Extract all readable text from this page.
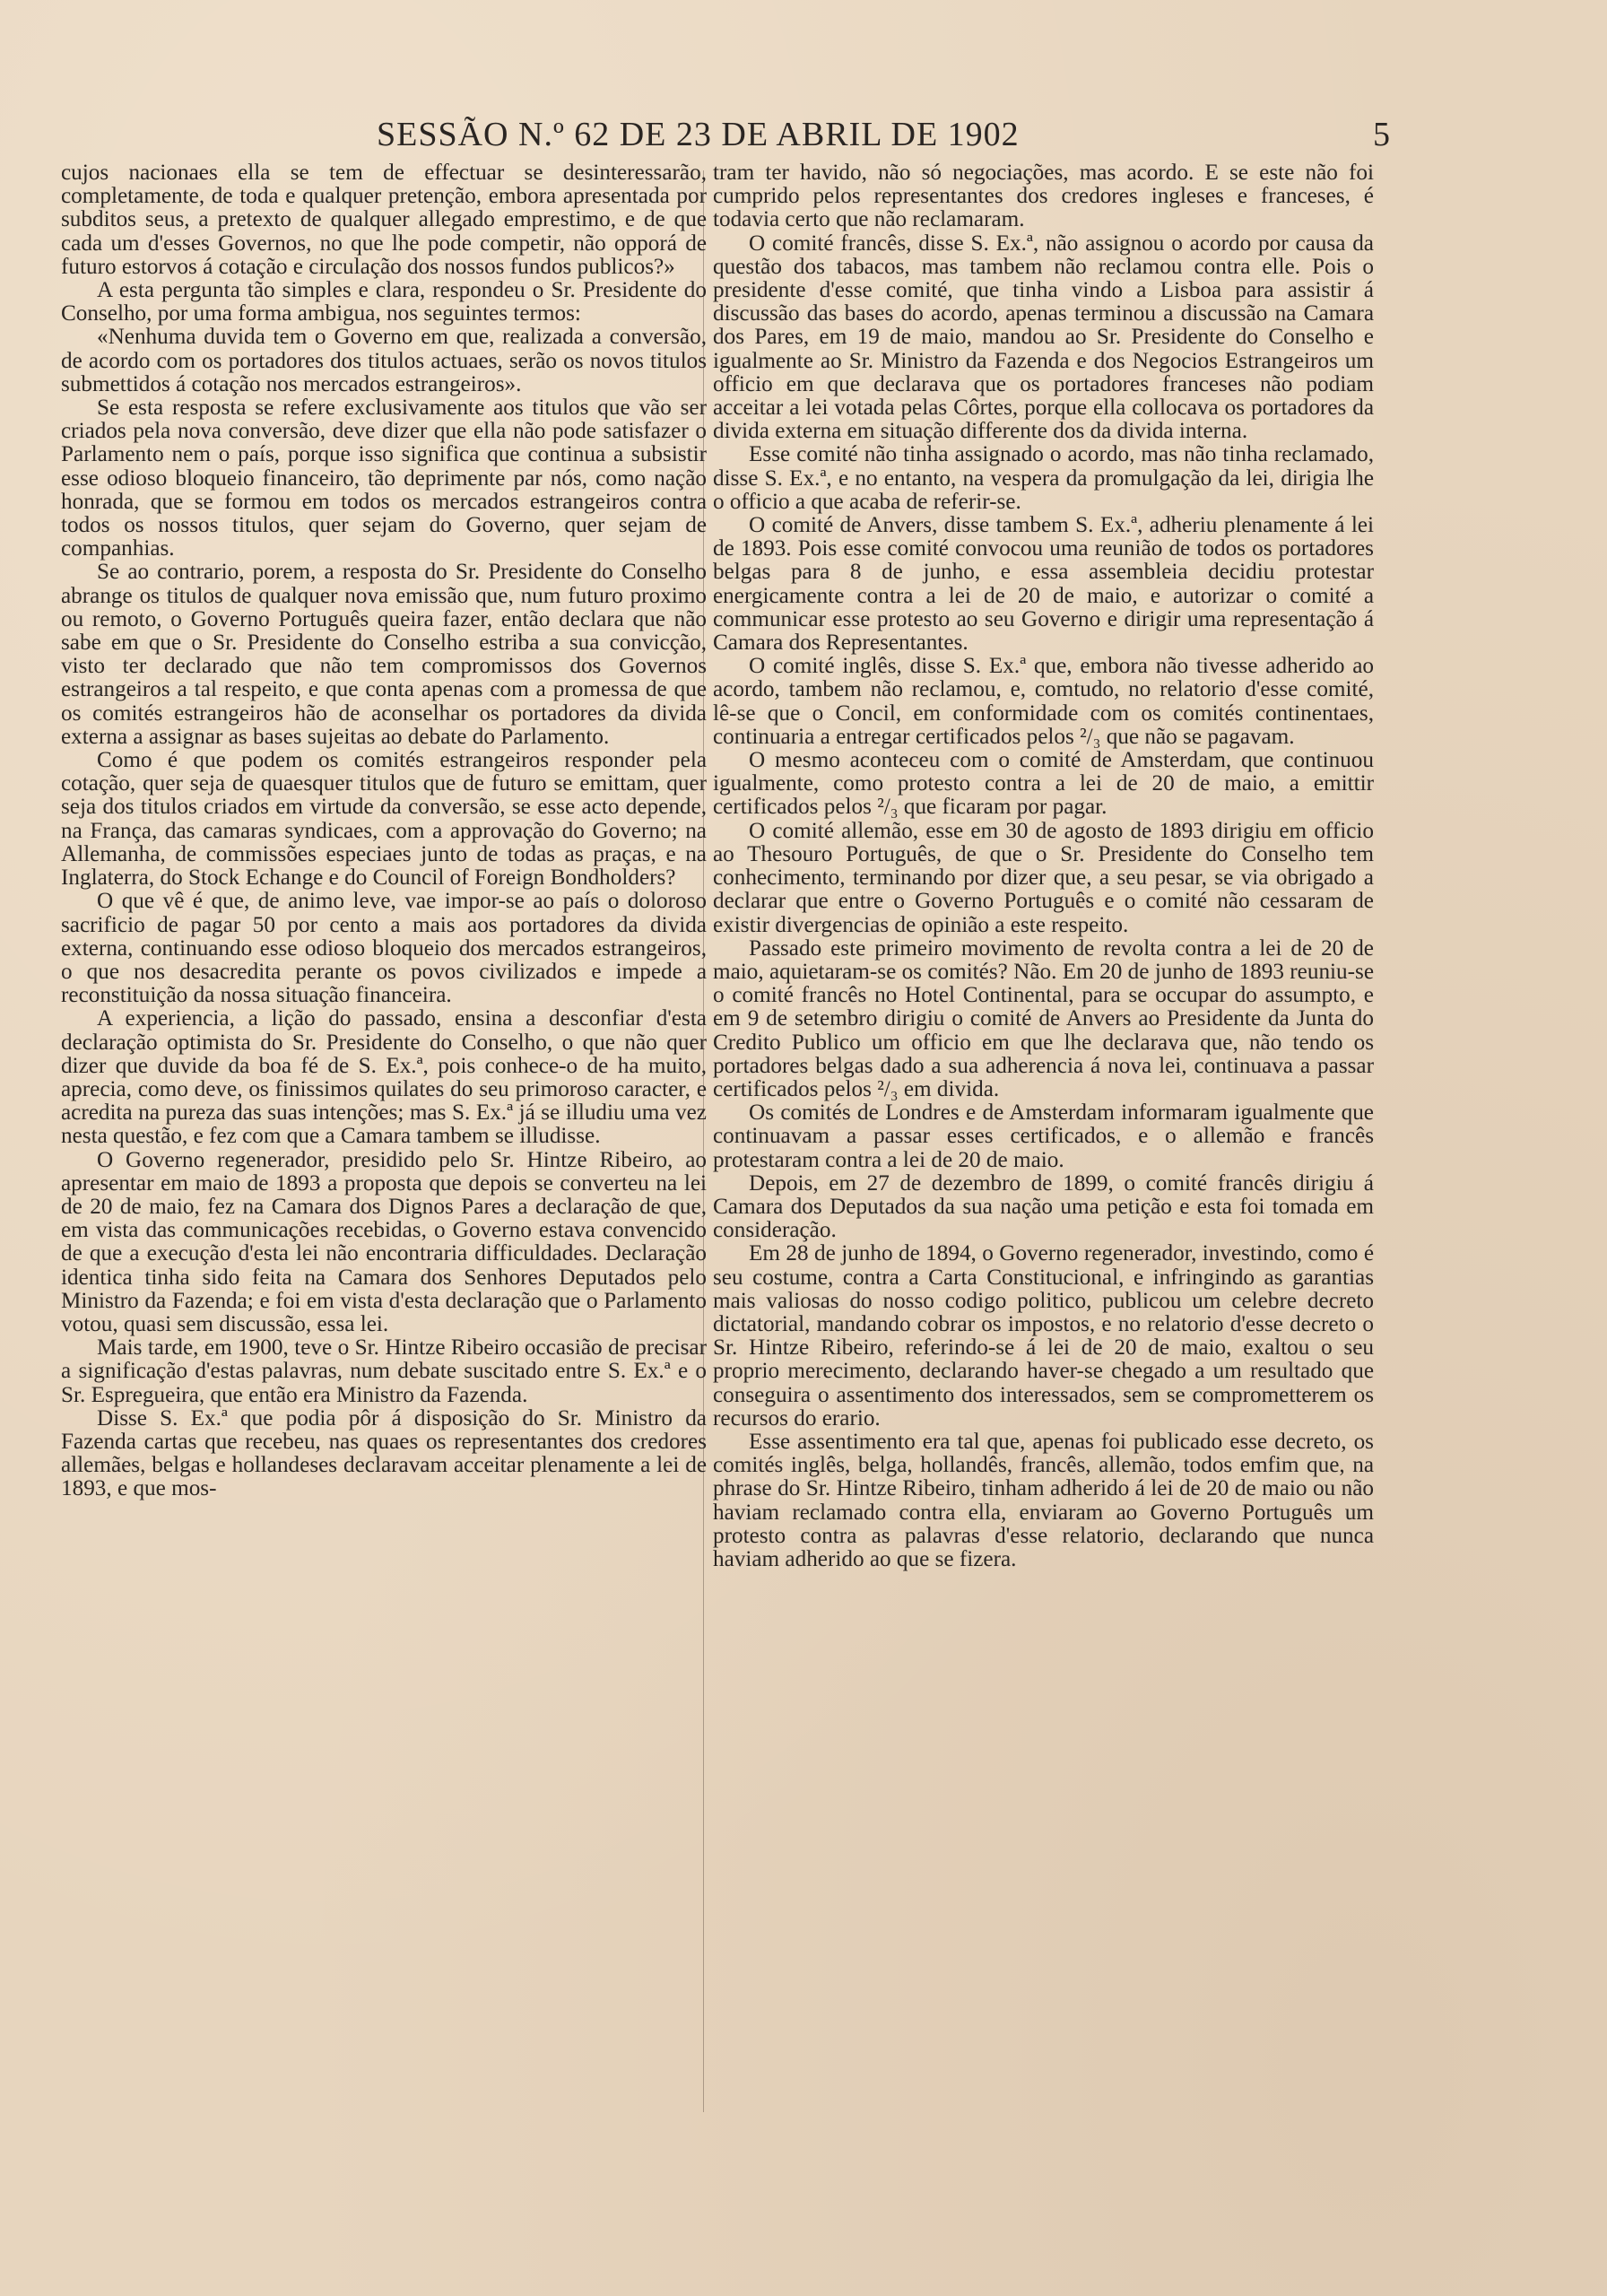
SESSÃO N.º 62 DE 23 DE ABRIL DE 1902	5

cujos nacionaes ella se tem de effectuar se desinteressarão, completamente, de toda e qualquer pretenção, embora apresentada por subditos seus, a pretexto de qualquer allegado emprestimo, e de que cada um d'esses Governos, no que lhe pode competir, não opporá de futuro estorvos á cotação e circulação dos nossos fundos publicos?»

A esta pergunta tão simples e clara, respondeu o Sr. Presidente do Conselho, por uma forma ambigua, nos seguintes termos:

«Nenhuma duvida tem o Governo em que, realizada a conversão, de acordo com os portadores dos titulos actuaes, serão os novos titulos submettidos á cotação nos mercados estrangeiros».

Se esta resposta se refere exclusivamente aos titulos que vão ser criados pela nova conversão, deve dizer que ella não pode satisfazer o Parlamento nem o país, porque isso significa que continua a subsistir esse odioso bloqueio financeiro, tão deprimente par nós, como nação honrada, que se formou em todos os mercados estrangeiros contra todos os nossos titulos, quer sejam do Governo, quer sejam de companhias.

Se ao contrario, porem, a resposta do Sr. Presidente do Conselho abrange os titulos de qualquer nova emissão que, num futuro proximo ou remoto, o Governo Português queira fazer, então declara que não sabe em que o Sr. Presidente do Conselho estriba a sua convicção, visto ter declarado que não tem compromissos dos Governos estrangeiros a tal respeito, e que conta apenas com a promessa de que os comités estrangeiros hão de aconselhar os portadores da divida externa a assignar as bases sujeitas ao debate do Parlamento.

Como é que podem os comités estrangeiros responder pela cotação, quer seja de quaesquer titulos que de futuro se emittam, quer seja dos titulos criados em virtude da conversão, se esse acto depende, na França, das camaras syndicaes, com a approvação do Governo; na Allemanha, de commissões especiaes junto de todas as praças, e na Inglaterra, do Stock Echange e do Council of Foreign Bondholders?

O que vê é que, de animo leve, vae impor-se ao país o doloroso sacrificio de pagar 50 por cento a mais aos portadores da divida externa, continuando esse odioso bloqueio dos mercados estrangeiros, o que nos desacredita perante os povos civilizados e impede a reconstituição da nossa situação financeira.

A experiencia, a lição do passado, ensina a desconfiar d'esta declaração optimista do Sr. Presidente do Conselho, o que não quer dizer que duvide da boa fé de S. Ex.ª, pois conhece-o de ha muito, aprecia, como deve, os finissimos quilates do seu primoroso caracter, e acredita na pureza das suas intenções; mas S. Ex.ª já se illudiu uma vez nesta questão, e fez com que a Camara tambem se illudisse.

O Governo regenerador, presidido pelo Sr. Hintze Ribeiro, ao apresentar em maio de 1893 a proposta que depois se converteu na lei de 20 de maio, fez na Camara dos Dignos Pares a declaração de que, em vista das communicações recebidas, o Governo estava convencido de que a execução d'esta lei não encontraria difficuldades. Declaração identica tinha sido feita na Camara dos Senhores Deputados pelo Ministro da Fazenda; e foi em vista d'esta declaração que o Parlamento votou, quasi sem discussão, essa lei.

Mais tarde, em 1900, teve o Sr. Hintze Ribeiro occasião de precisar a significação d'estas palavras, num debate suscitado entre S. Ex.ª e o Sr. Espregueira, que então era Ministro da Fazenda.

Disse S. Ex.ª que podia pôr á disposição do Sr. Ministro da Fazenda cartas que recebeu, nas quaes os representantes dos credores allemães, belgas e hollandeses declaravam acceitar plenamente a lei de 1893, e que mos-

tram ter havido, não só negociações, mas acordo. E se este não foi cumprido pelos representantes dos credores ingleses e franceses, é todavia certo que não reclamaram.

O comité francês, disse S. Ex.ª, não assignou o acordo por causa da questão dos tabacos, mas tambem não reclamou contra elle. Pois o presidente d'esse comité, que tinha vindo a Lisboa para assistir á discussão das bases do acordo, apenas terminou a discussão na Camara dos Pares, em 19 de maio, mandou ao Sr. Presidente do Conselho e igualmente ao Sr. Ministro da Fazenda e dos Negocios Estrangeiros um officio em que declarava que os portadores franceses não podiam acceitar a lei votada pelas Côrtes, porque ella collocava os portadores da divida externa em situação differente dos da divida interna.

Esse comité não tinha assignado o acordo, mas não tinha reclamado, disse S. Ex.ª, e no entanto, na vespera da promulgação da lei, dirigia lhe o officio a que acaba de referir-se.

O comité de Anvers, disse tambem S. Ex.ª, adheriu plenamente á lei de 1893. Pois esse comité convocou uma reunião de todos os portadores belgas para 8 de junho, e essa assembleia decidiu protestar energicamente contra a lei de 20 de maio, e autorizar o comité a communicar esse protesto ao seu Governo e dirigir uma representação á Camara dos Representantes.

O comité inglês, disse S. Ex.ª que, embora não tivesse adherido ao acordo, tambem não reclamou, e, comtudo, no relatorio d'esse comité, lê-se que o Concil, em conformidade com os comités continentaes, continuaria a entregar certificados pelos ²/₃ que não se pagavam.

O mesmo aconteceu com o comité de Amsterdam, que continuou igualmente, como protesto contra a lei de 20 de maio, a emittir certificados pelos ²/₃ que ficaram por pagar.

O comité allemão, esse em 30 de agosto de 1893 dirigiu em officio ao Thesouro Português, de que o Sr. Presidente do Conselho tem conhecimento, terminando por dizer que, a seu pesar, se via obrigado a declarar que entre o Governo Português e o comité não cessaram de existir divergencias de opinião a este respeito.

Passado este primeiro movimento de revolta contra a lei de 20 de maio, aquietaram-se os comités? Não. Em 20 de junho de 1893 reuniu-se o comité francês no Hotel Continental, para se occupar do assumpto, e em 9 de setembro dirigiu o comité de Anvers ao Presidente da Junta do Credito Publico um officio em que lhe declarava que, não tendo os portadores belgas dado a sua adherencia á nova lei, continuava a passar certificados pelos ²/₃ em divida.

Os comités de Londres e de Amsterdam informaram igualmente que continuavam a passar esses certificados, e o allemão e francês protestaram contra a lei de 20 de maio.

Depois, em 27 de dezembro de 1899, o comité francês dirigiu á Camara dos Deputados da sua nação uma petição e esta foi tomada em consideração.

Em 28 de junho de 1894, o Governo regenerador, investindo, como é seu costume, contra a Carta Constitucional, e infringindo as garantias mais valiosas do nosso codigo politico, publicou um celebre decreto dictatorial, mandando cobrar os impostos, e no relatorio d'esse decreto o Sr. Hintze Ribeiro, referindo-se á lei de 20 de maio, exaltou o seu proprio merecimento, declarando haver-se chegado a um resultado que conseguira o assentimento dos interessados, sem se comprometterem os recursos do erario.

Esse assentimento era tal que, apenas foi publicado esse decreto, os comités inglês, belga, hollandês, francês, allemão, todos emfim que, na phrase do Sr. Hintze Ribeiro, tinham adherido á lei de 20 de maio ou não haviam reclamado contra ella, enviaram ao Governo Português um protesto contra as palavras d'esse relatorio, declarando que nunca haviam adherido ao que se fizera.
